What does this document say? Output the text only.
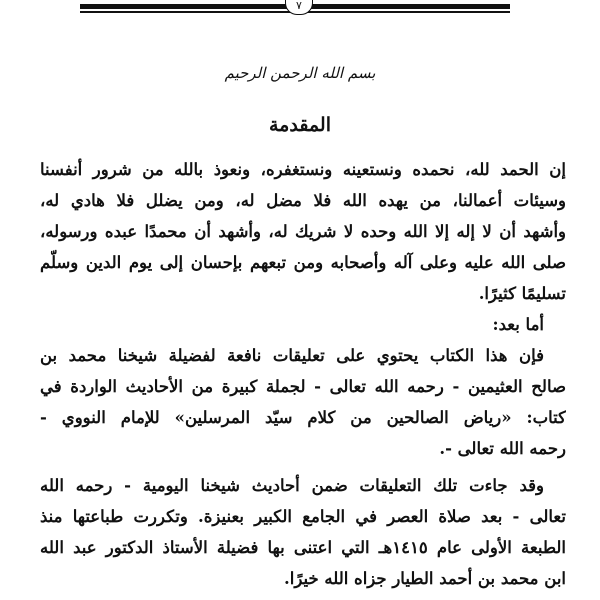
٧
بسم الله الرحمن الرحيم
المقدمة
إن الحمد لله، نحمده ونستعينه ونستغفره، ونعوذ بالله من شرور أنفسنا
وسيئات أعمالنا، من يهده الله فلا مضل له، ومن يضلل فلا هادي له،
وأشهد أن لا إله إلا الله وحده لا شريك له، وأشهد أن محمدًا عبده ورسوله،
صلى الله عليه وعلى آله وأصحابه ومن تبعهم بإحسان إلى يوم الدين وسلّم
تسليمًا كثيرًا.
أما بعد:
فإن هذا الكتاب يحتوي على تعليقات نافعة لفضيلة شيخنا محمد بن
صالح العثيمين - رحمه الله تعالى - لجملة كبيرة من الأحاديث الواردة في
كتاب: «رياض الصالحين من كلام سيّد المرسلين» للإمام النووي -
رحمه الله تعالى -.
وقد جاءت تلك التعليقات ضمن أحاديث شيخنا اليومية - رحمه الله
تعالى - بعد صلاة العصر في الجامع الكبير بعنيزة. وتكررت طباعتها منذ
الطبعة الأولى عام ١٤١٥هـ التي اعتنى بها فضيلة الأستاذ الدكتور عبد الله
ابن محمد بن أحمد الطيار جزاه الله خيرًا.
